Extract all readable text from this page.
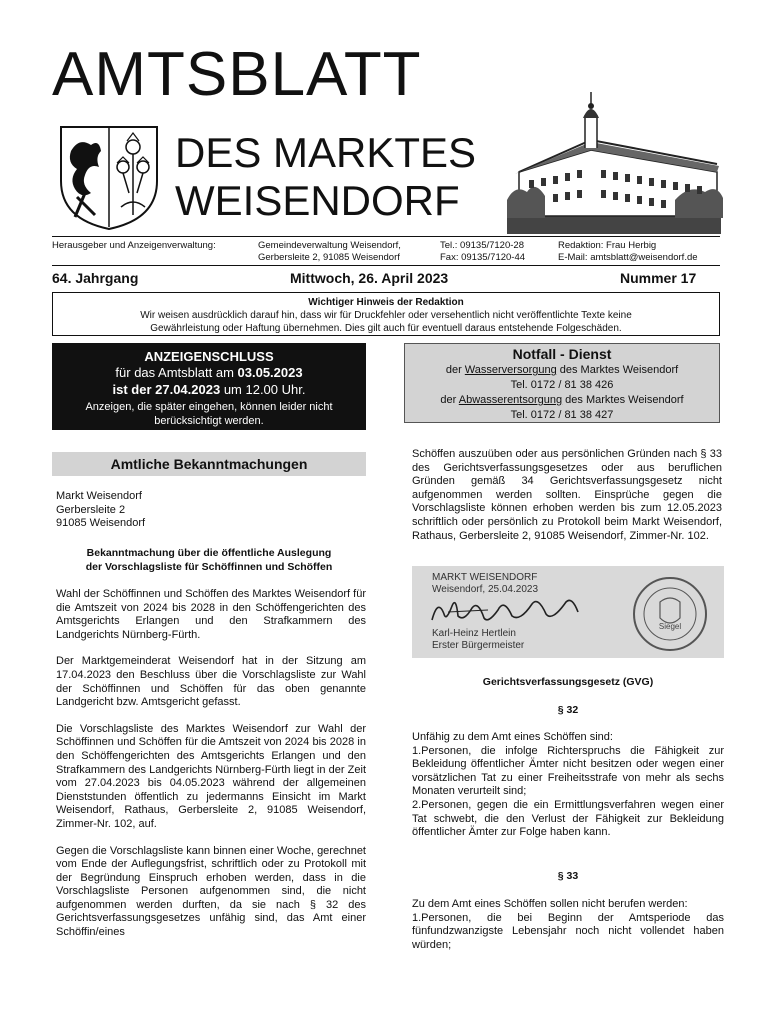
AMTSBLATT
DES MARKTES
WEISENDORF
Herausgeber und Anzeigenverwaltung:	Gemeindeverwaltung Weisendorf,
Gerbersleite 2, 91085 Weisendorf
Tel.: 09135/7120-28
Fax: 09135/7120-44
Redaktion: Frau Herbig
E-Mail: amtsblatt@weisendorf.de
64. Jahrgang	Mittwoch, 26. April 2023	Nummer 17
Wichtiger Hinweis der Redaktion
Wir weisen ausdrücklich darauf hin, dass wir für Druckfehler oder versehentlich nicht veröffentlichte Texte keine
Gewährleistung oder Haftung übernehmen. Dies gilt auch für eventuell daraus entstehende Folgeschäden.
ANZEIGENSCHLUSS
für das Amtsblatt am 03.05.2023
ist der 27.04.2023 um 12.00 Uhr.
Anzeigen, die später eingehen, können leider nicht
berücksichtigt werden.
Notfall - Dienst
der Wasserversorgung des Marktes Weisendorf
Tel. 0172 / 81 38 426
der Abwasserentsorgung des Marktes Weisendorf
Tel. 0172 / 81 38 427
Amtliche Bekanntmachungen
Markt Weisendorf
Gerbersleite 2
91085 Weisendorf
Bekanntmachung über die öffentliche Auslegung
der Vorschlagsliste für Schöffinnen und Schöffen

Wahl der Schöffinnen und Schöffen des Marktes Weisendorf für die Amtszeit von 2024 bis 2028 in den Schöffengerichten des Amtsgerichts Erlangen und den Strafkammern des Landgerichts Nürnberg-Fürth.

Der Marktgemeinderat Weisendorf hat in der Sitzung am 17.04.2023 den Beschluss über die Vorschlagsliste zur Wahl der Schöffinnen und Schöffen für das oben genannte Landgericht bzw. Amtsgericht gefasst.

Die Vorschlagsliste des Marktes Weisendorf zur Wahl der Schöffinnen und Schöffen für die Amtszeit von 2024 bis 2028 in den Schöffengerichten des Amtsgerichts Erlangen und den Strafkammern des Landgerichts Nürnberg-Fürth liegt in der Zeit vom 27.04.2023 bis 04.05.2023 während der allgemeinen Dienststunden öffentlich zu jedermanns Einsicht im Markt Weisendorf, Rathaus, Gerbersleite 2, 91085 Weisendorf, Zimmer-Nr. 102, auf.

Gegen die Vorschlagsliste kann binnen einer Woche, gerechnet vom Ende der Auflegungsfrist, schriftlich oder zu Protokoll mit der Begründung Einspruch erhoben werden, dass in die Vorschlagsliste Personen aufgenommen sind, die nicht aufgenommen werden durften, da sie nach § 32 des Gerichtsverfassungsgesetzes unfähig sind, das Amt einer Schöffin/eines

Schöffen auszuüben oder aus persönlichen Gründen nach § 33 des Gerichtsverfassungsgesetzes oder aus beruflichen Gründen gemäß 34 Gerichtsverfassungsgesetz nicht aufgenommen werden sollten. Einsprüche gegen die Vorschlagsliste können erhoben werden bis zum 12.05.2023 schriftlich oder persönlich zu Protokoll beim Markt Weisendorf, Rathaus, Gerbersleite 2, 91085 Weisendorf, Zimmer-Nr. 102.
MARKT WEISENDORF
Weisendorf, 25.04.2023
Karl-Heinz Hertlein
Erster Bürgermeister
Siegel
Gerichtsverfassungsgesetz (GVG)
§ 32

Unfähig zu dem Amt eines Schöffen sind:

1.Personen, die infolge Richterspruchs die Fähigkeit zur Bekleidung öffentlicher Ämter nicht besitzen oder wegen einer vorsätzlichen Tat zu einer Freiheitsstrafe von mehr als sechs Monaten verurteilt sind;

2.Personen, gegen die ein Ermittlungsverfahren wegen einer Tat schwebt, die den Verlust der Fähigkeit zur Bekleidung öffentlicher Ämter zur Folge haben kann.

§ 33

Zu dem Amt eines Schöffen sollen nicht berufen werden:

1.Personen, die bei Beginn der Amtsperiode das fünfundzwanzigste Lebensjahr noch nicht vollendet haben würden;
